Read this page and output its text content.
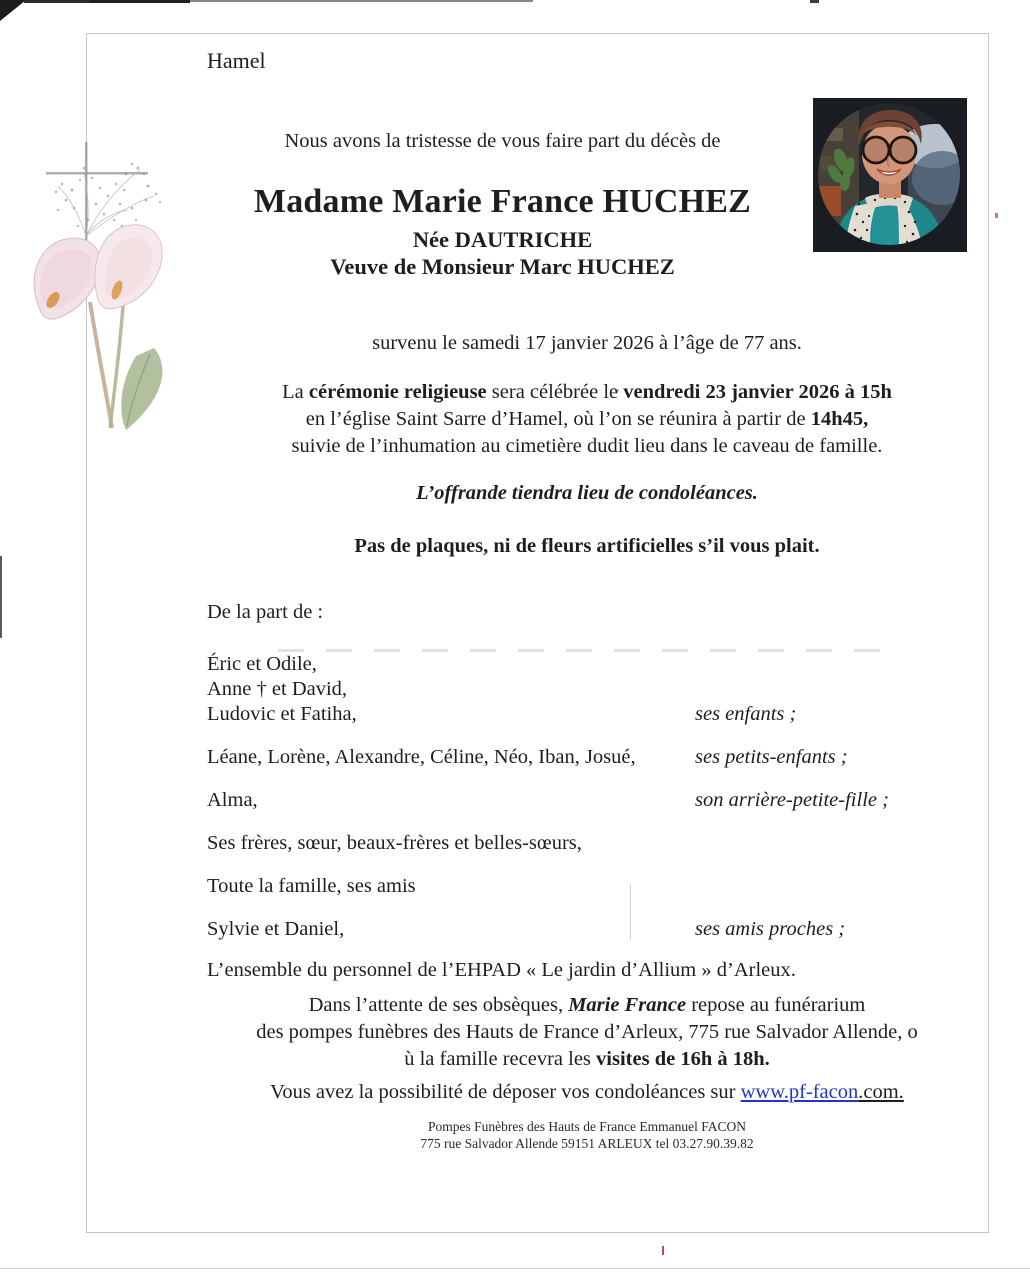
Hamel
Nous avons la tristesse de vous faire part du décès de
Madame Marie France HUCHEZ
Née DAUTRICHE
Veuve de Monsieur Marc HUCHEZ
survenu le samedi 17 janvier 2026 à l’âge de 77 ans.
La cérémonie religieuse sera célébrée le vendredi 23 janvier 2026 à 15h
en l’église Saint Sarre d’Hamel, où l’on se réunira à partir de 14h45,
suivie de l’inhumation au cimetière dudit lieu dans le caveau de famille.
L’offrande tiendra lieu de condoléances.
Pas de plaques, ni de fleurs artificielles s’il vous plait.
De la part de :
Éric et Odile,
Anne † et David,
Ludovic et Fatiha,	ses enfants ;
Léane, Lorène, Alexandre, Céline, Néo, Iban, Josué,	ses petits-enfants ;
Alma,	son arrière-petite-fille ;
Ses frères, sœur, beaux-frères et belles-sœurs,
Toute la famille, ses amis
Sylvie et Daniel,	ses amis proches ;
L’ensemble du personnel de l’EHPAD « Le jardin d’Allium » d’Arleux.
Dans l’attente de ses obsèques, Marie France repose au funérarium
des pompes funèbres des Hauts de France d’Arleux, 775 rue Salvador Allende, o
ù la famille recevra les visites de 16h à 18h.
Vous avez la possibilité de déposer vos condoléances sur www.pf-facon.com.
Pompes Funèbres des Hauts de France Emmanuel FACON
775 rue Salvador Allende 59151 ARLEUX tel 03.27.90.39.82
